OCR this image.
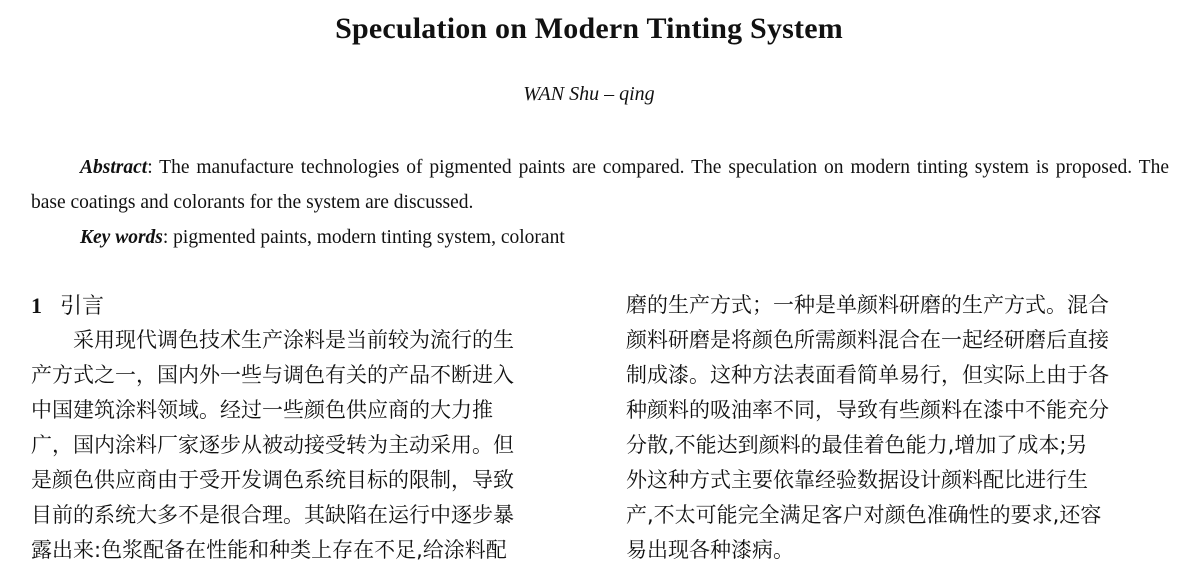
Speculation on Modern Tinting System
WAN Shu – qing
Abstract: The manufacture technologies of pigmented paints are compared. The speculation on modern tinting system is proposed. The base coatings and colorants for the system are discussed.
Key words: pigmented paints, modern tinting system, colorant
1 引言
　　采用现代调色技术生产涂料是当前较为流行的生
产方式之一，国内外一些与调色有关的产品不断进入
中国建筑涂料领域。经过一些颜色供应商的大力推
广，国内涂料厂家逐步从被动接受转为主动采用。但
是颜色供应商由于受开发调色系统目标的限制，导致
目前的系统大多不是很合理。其缺陷在运行中逐步暴
露出来:色浆配备在性能和种类上存在不足,给涂料配
磨的生产方式；一种是单颜料研磨的生产方式。混合
颜料研磨是将颜色所需颜料混合在一起经研磨后直接
制成漆。这种方法表面看简单易行，但实际上由于各
种颜料的吸油率不同，导致有些颜料在漆中不能充分
分散,不能达到颜料的最佳着色能力,增加了成本;另
外这种方式主要依靠经验数据设计颜料配比进行生
产,不太可能完全满足客户对颜色准确性的要求,还容
易出现各种漆病。
